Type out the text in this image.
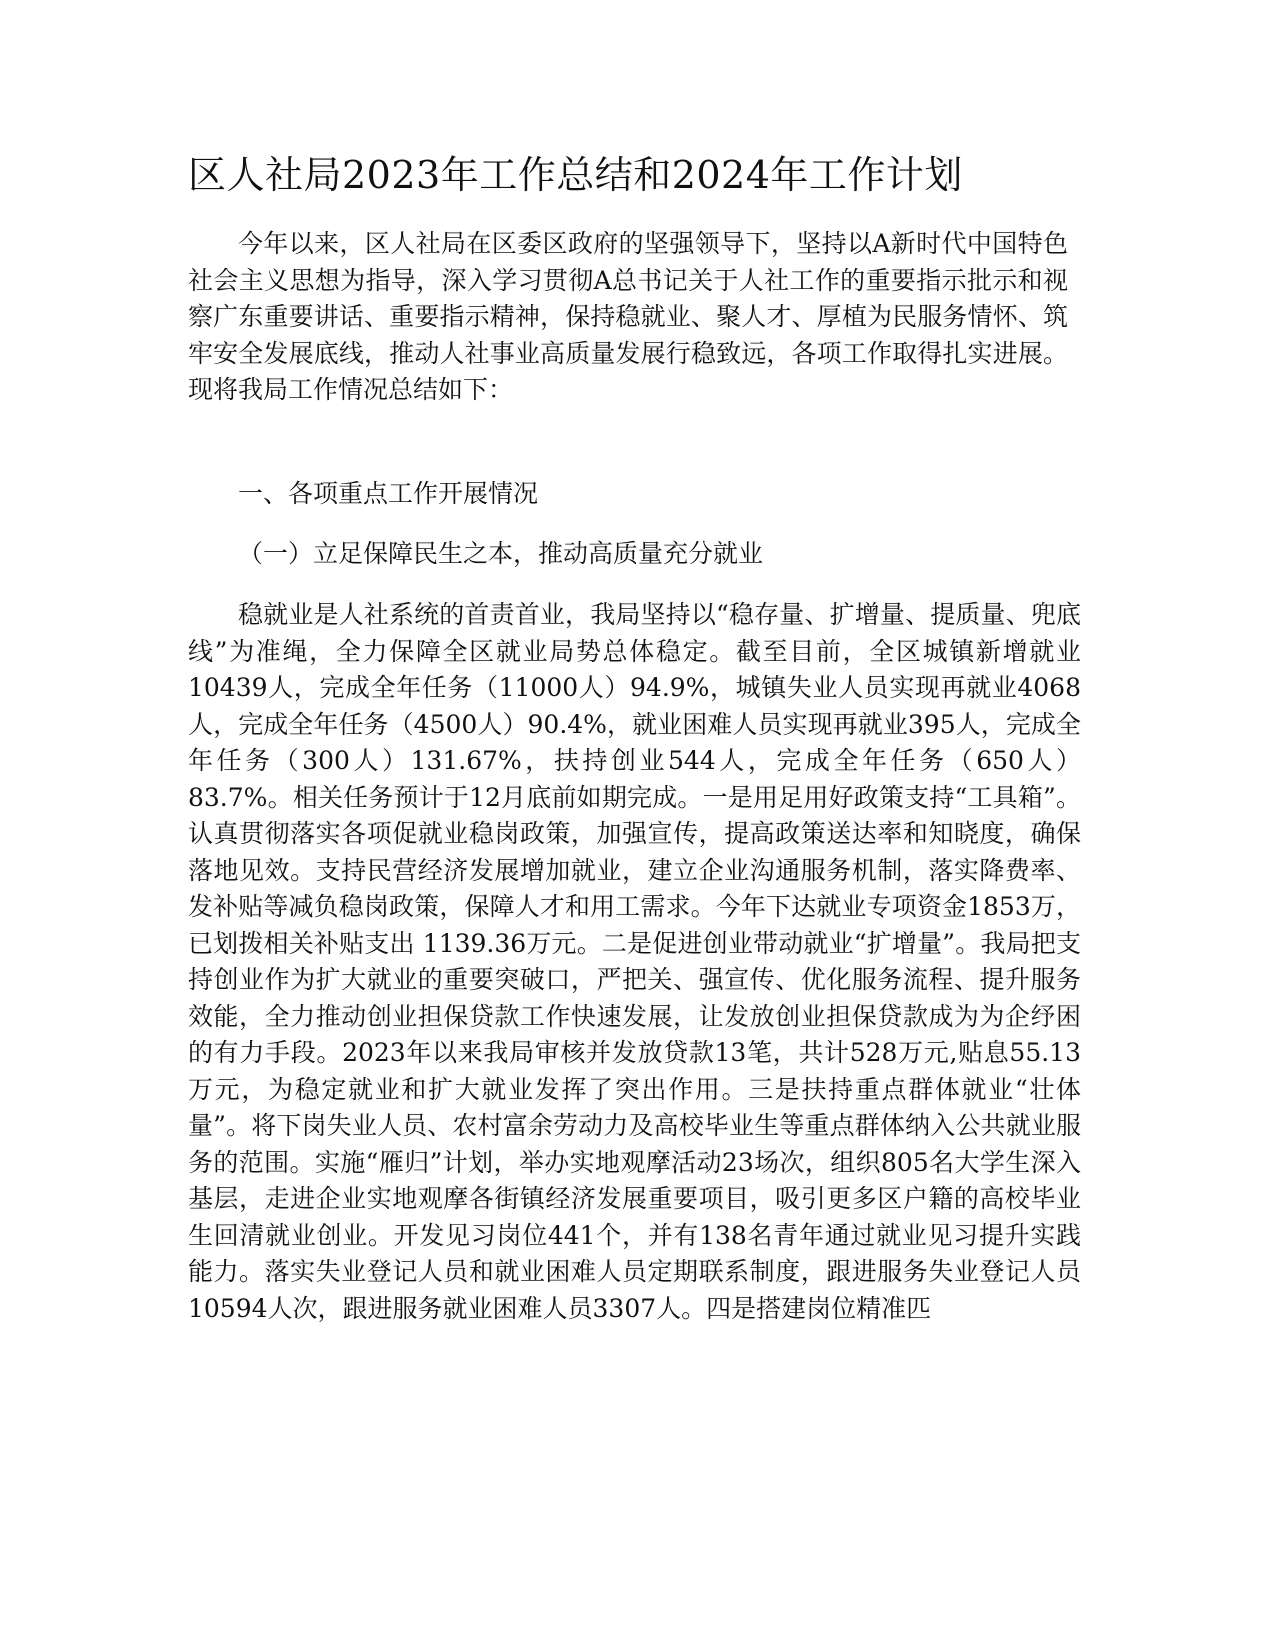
区人社局2023年工作总结和2024年工作计划

今年以来，区人社局在区委区政府的坚强领导下，坚持以A新时代中国特色社会主义思想为指导，深入学习贯彻A总书记关于人社工作的重要指示批示和视察广东重要讲话、重要指示精神，保持稳就业、聚人才、厚植为民服务情怀、筑牢安全发展底线，推动人社事业高质量发展行稳致远，各项工作取得扎实进展。现将我局工作情况总结如下：

一、各项重点工作开展情况

（一）立足保障民生之本，推动高质量充分就业

稳就业是人社系统的首责首业，我局坚持以“稳存量、扩增量、提质量、兜底线”为准绳，全力保障全区就业局势总体稳定。截至目前，全区城镇新增就业10439人，完成全年任务（11000人）94.9%，城镇失业人员实现再就业4068人，完成全年任务（4500人）90.4%，就业困难人员实现再就业395人，完成全年任务（300人）131.67%，扶持创业544人，完成全年任务（650人）83.7%。相关任务预计于12月底前如期完成。一是用足用好政策支持“工具箱”。认真贯彻落实各项促就业稳岗政策，加强宣传，提高政策送达率和知晓度，确保落地见效。支持民营经济发展增加就业，建立企业沟通服务机制，落实降费率、发补贴等减负稳岗政策，保障人才和用工需求。今年下达就业专项资金1853万，已划拨相关补贴支出 1139.36万元。二是促进创业带动就业“扩增量”。我局把支持创业作为扩大就业的重要突破口，严把关、强宣传、优化服务流程、提升服务效能，全力推动创业担保贷款工作快速发展，让发放创业担保贷款成为为企纾困的有力手段。2023年以来我局审核并发放贷款13笔，共计528万元,贴息55.13万元，为稳定就业和扩大就业发挥了突出作用。三是扶持重点群体就业“壮体量”。将下岗失业人员、农村富余劳动力及高校毕业生等重点群体纳入公共就业服务的范围。实施“雁归”计划，举办实地观摩活动23场次，组织805名大学生深入基层，走进企业实地观摩各街镇经济发展重要项目，吸引更多区户籍的高校毕业生回清就业创业。开发见习岗位441个，并有138名青年通过就业见习提升实践能力。落实失业登记人员和就业困难人员定期联系制度，跟进服务失业登记人员10594人次，跟进服务就业困难人员3307人。四是搭建岗位精准匹
